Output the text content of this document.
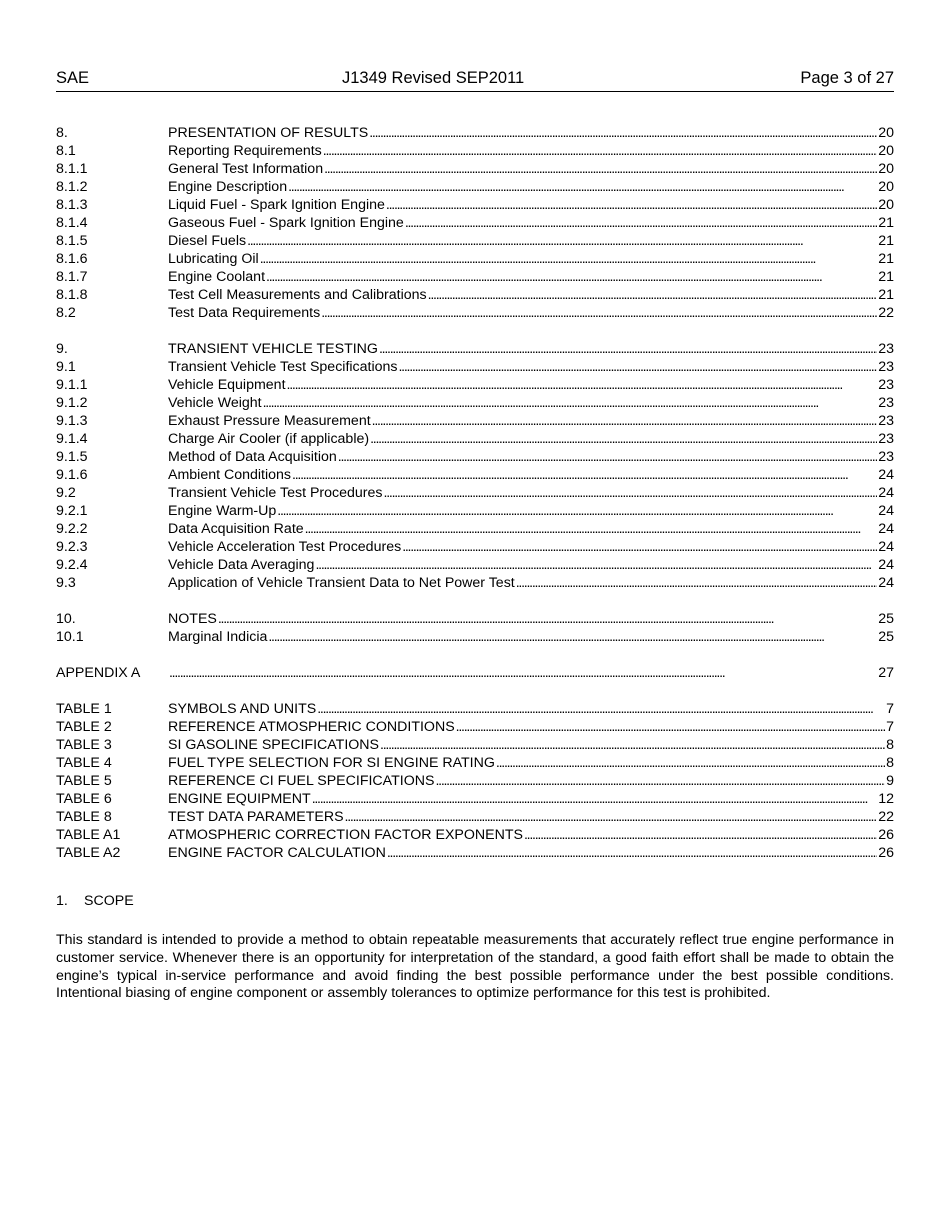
SAE	J1349 Revised SEP2011	Page 3 of 27
8.	PRESENTATION OF RESULTS . . .	20
8.1	Reporting Requirements . . .	20
8.1.1	General Test Information . . .	20
8.1.2	Engine Description . . .	20
8.1.3	Liquid Fuel - Spark Ignition Engine . . .	20
8.1.4	Gaseous Fuel - Spark Ignition Engine . . .	21
8.1.5	Diesel Fuels . . .	21
8.1.6	Lubricating Oil . . .	21
8.1.7	Engine Coolant . . .	21
8.1.8	Test Cell Measurements and Calibrations . . .	21
8.2	Test Data Requirements . . .	22
9.	TRANSIENT VEHICLE TESTING . . .	23
9.1	Transient Vehicle Test Specifications . . .	23
9.1.1	Vehicle Equipment . . .	23
9.1.2	Vehicle Weight . . .	23
9.1.3	Exhaust Pressure Measurement . . .	23
9.1.4	Charge Air Cooler (if applicable) . . .	23
9.1.5	Method of Data Acquisition . . .	23
9.1.6	Ambient Conditions . . .	24
9.2	Transient Vehicle Test Procedures . . .	24
9.2.1	Engine Warm-Up . . .	24
9.2.2	Data Acquisition Rate . . .	24
9.2.3	Vehicle Acceleration Test Procedures . . .	24
9.2.4	Vehicle Data Averaging . . .	24
9.3	Application of Vehicle Transient Data to Net Power Test . . .	24
10.	NOTES . . .	25
10.1	Marginal Indicia . . .	25
APPENDIX A . . .	27
TABLE 1	SYMBOLS AND UNITS . . .	7
TABLE 2	REFERENCE ATMOSPHERIC CONDITIONS . . .	7
TABLE 3	SI GASOLINE SPECIFICATIONS . . .	8
TABLE 4	FUEL TYPE SELECTION FOR SI ENGINE RATING . . .	8
TABLE 5	REFERENCE CI FUEL SPECIFICATIONS . . .	9
TABLE 6	ENGINE EQUIPMENT . . .	12
TABLE 8	TEST DATA PARAMETERS . . .	22
TABLE A1	ATMOSPHERIC CORRECTION FACTOR EXPONENTS . . .	26
TABLE A2	ENGINE FACTOR CALCULATION . . .	26
1. SCOPE
This standard is intended to provide a method to obtain repeatable measurements that accurately reflect true engine performance in customer service. Whenever there is an opportunity for interpretation of the standard, a good faith effort shall be made to obtain the engine’s typical in-service performance and avoid finding the best possible performance under the best possible conditions. Intentional biasing of engine component or assembly tolerances to optimize performance for this test is prohibited.
